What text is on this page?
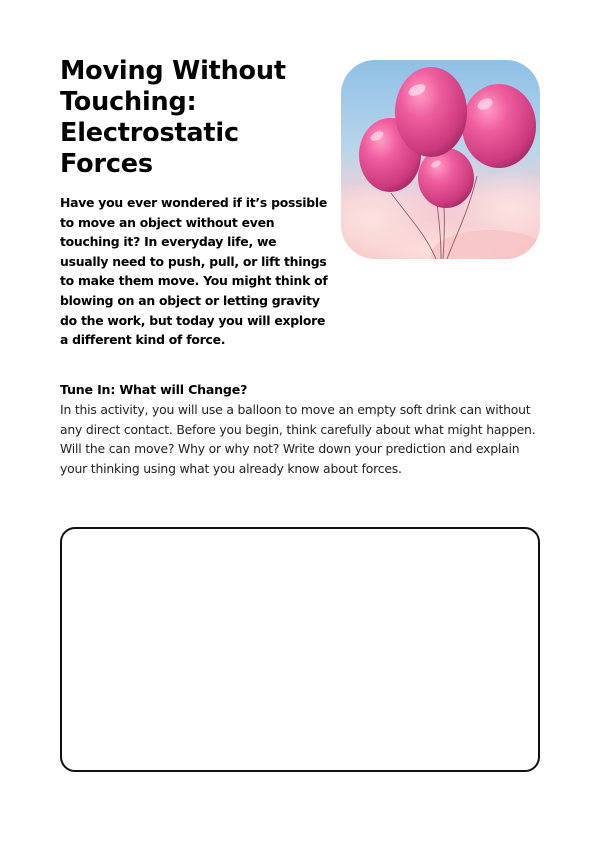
Moving Without Touching: Electrostatic Forces

Have you ever wondered if it’s possible to move an object without even touching it? In everyday life, we usually need to push, pull, or lift things to make them move. You might think of blowing on an object or letting gravity do the work, but today you will explore a different kind of force.

Tune In: What will Change?

In this activity, you will use a balloon to move an empty soft drink can without any direct contact. Before you begin, think carefully about what might happen. Will the can move? Why or why not? Write down your prediction and explain your thinking using what you already know about forces.
